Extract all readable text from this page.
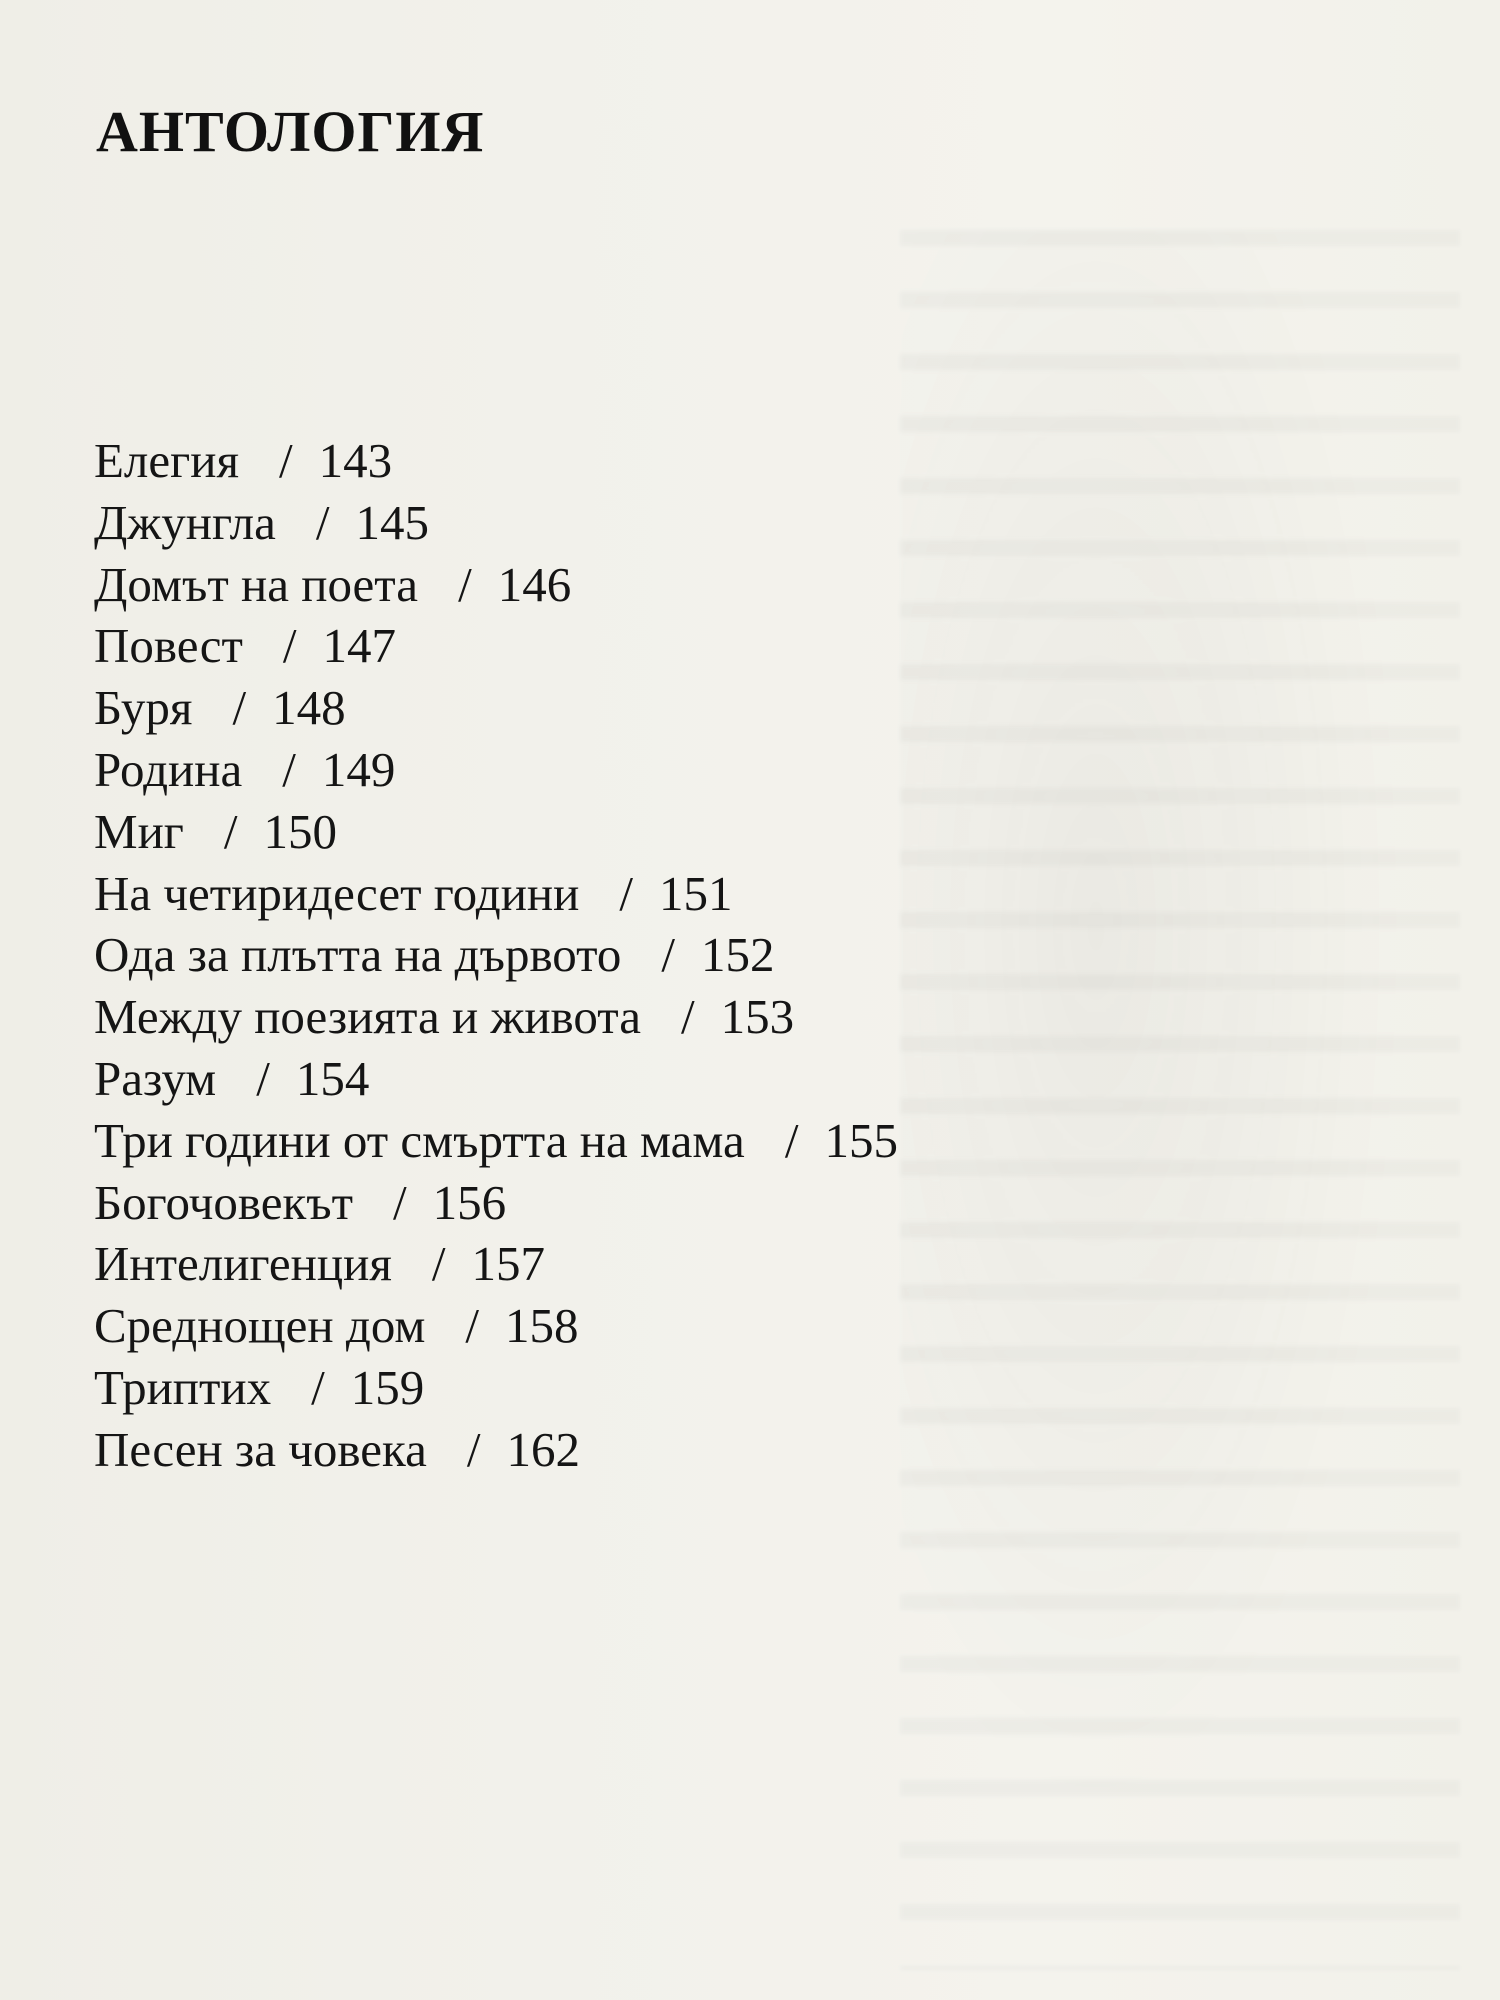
АНТОЛОГИЯ
Елегия / 143
Джунгла / 145
Домът на поета / 146
Повест / 147
Буря / 148
Родина / 149
Миг / 150
На четиридесет години / 151
Ода за плътта на дървото / 152
Между поезията и живота / 153
Разум / 154
Три години от смъртта на мама / 155
Богочовекът / 156
Интелигенция / 157
Среднощен дом / 158
Триптих / 159
Песен за човека / 162
